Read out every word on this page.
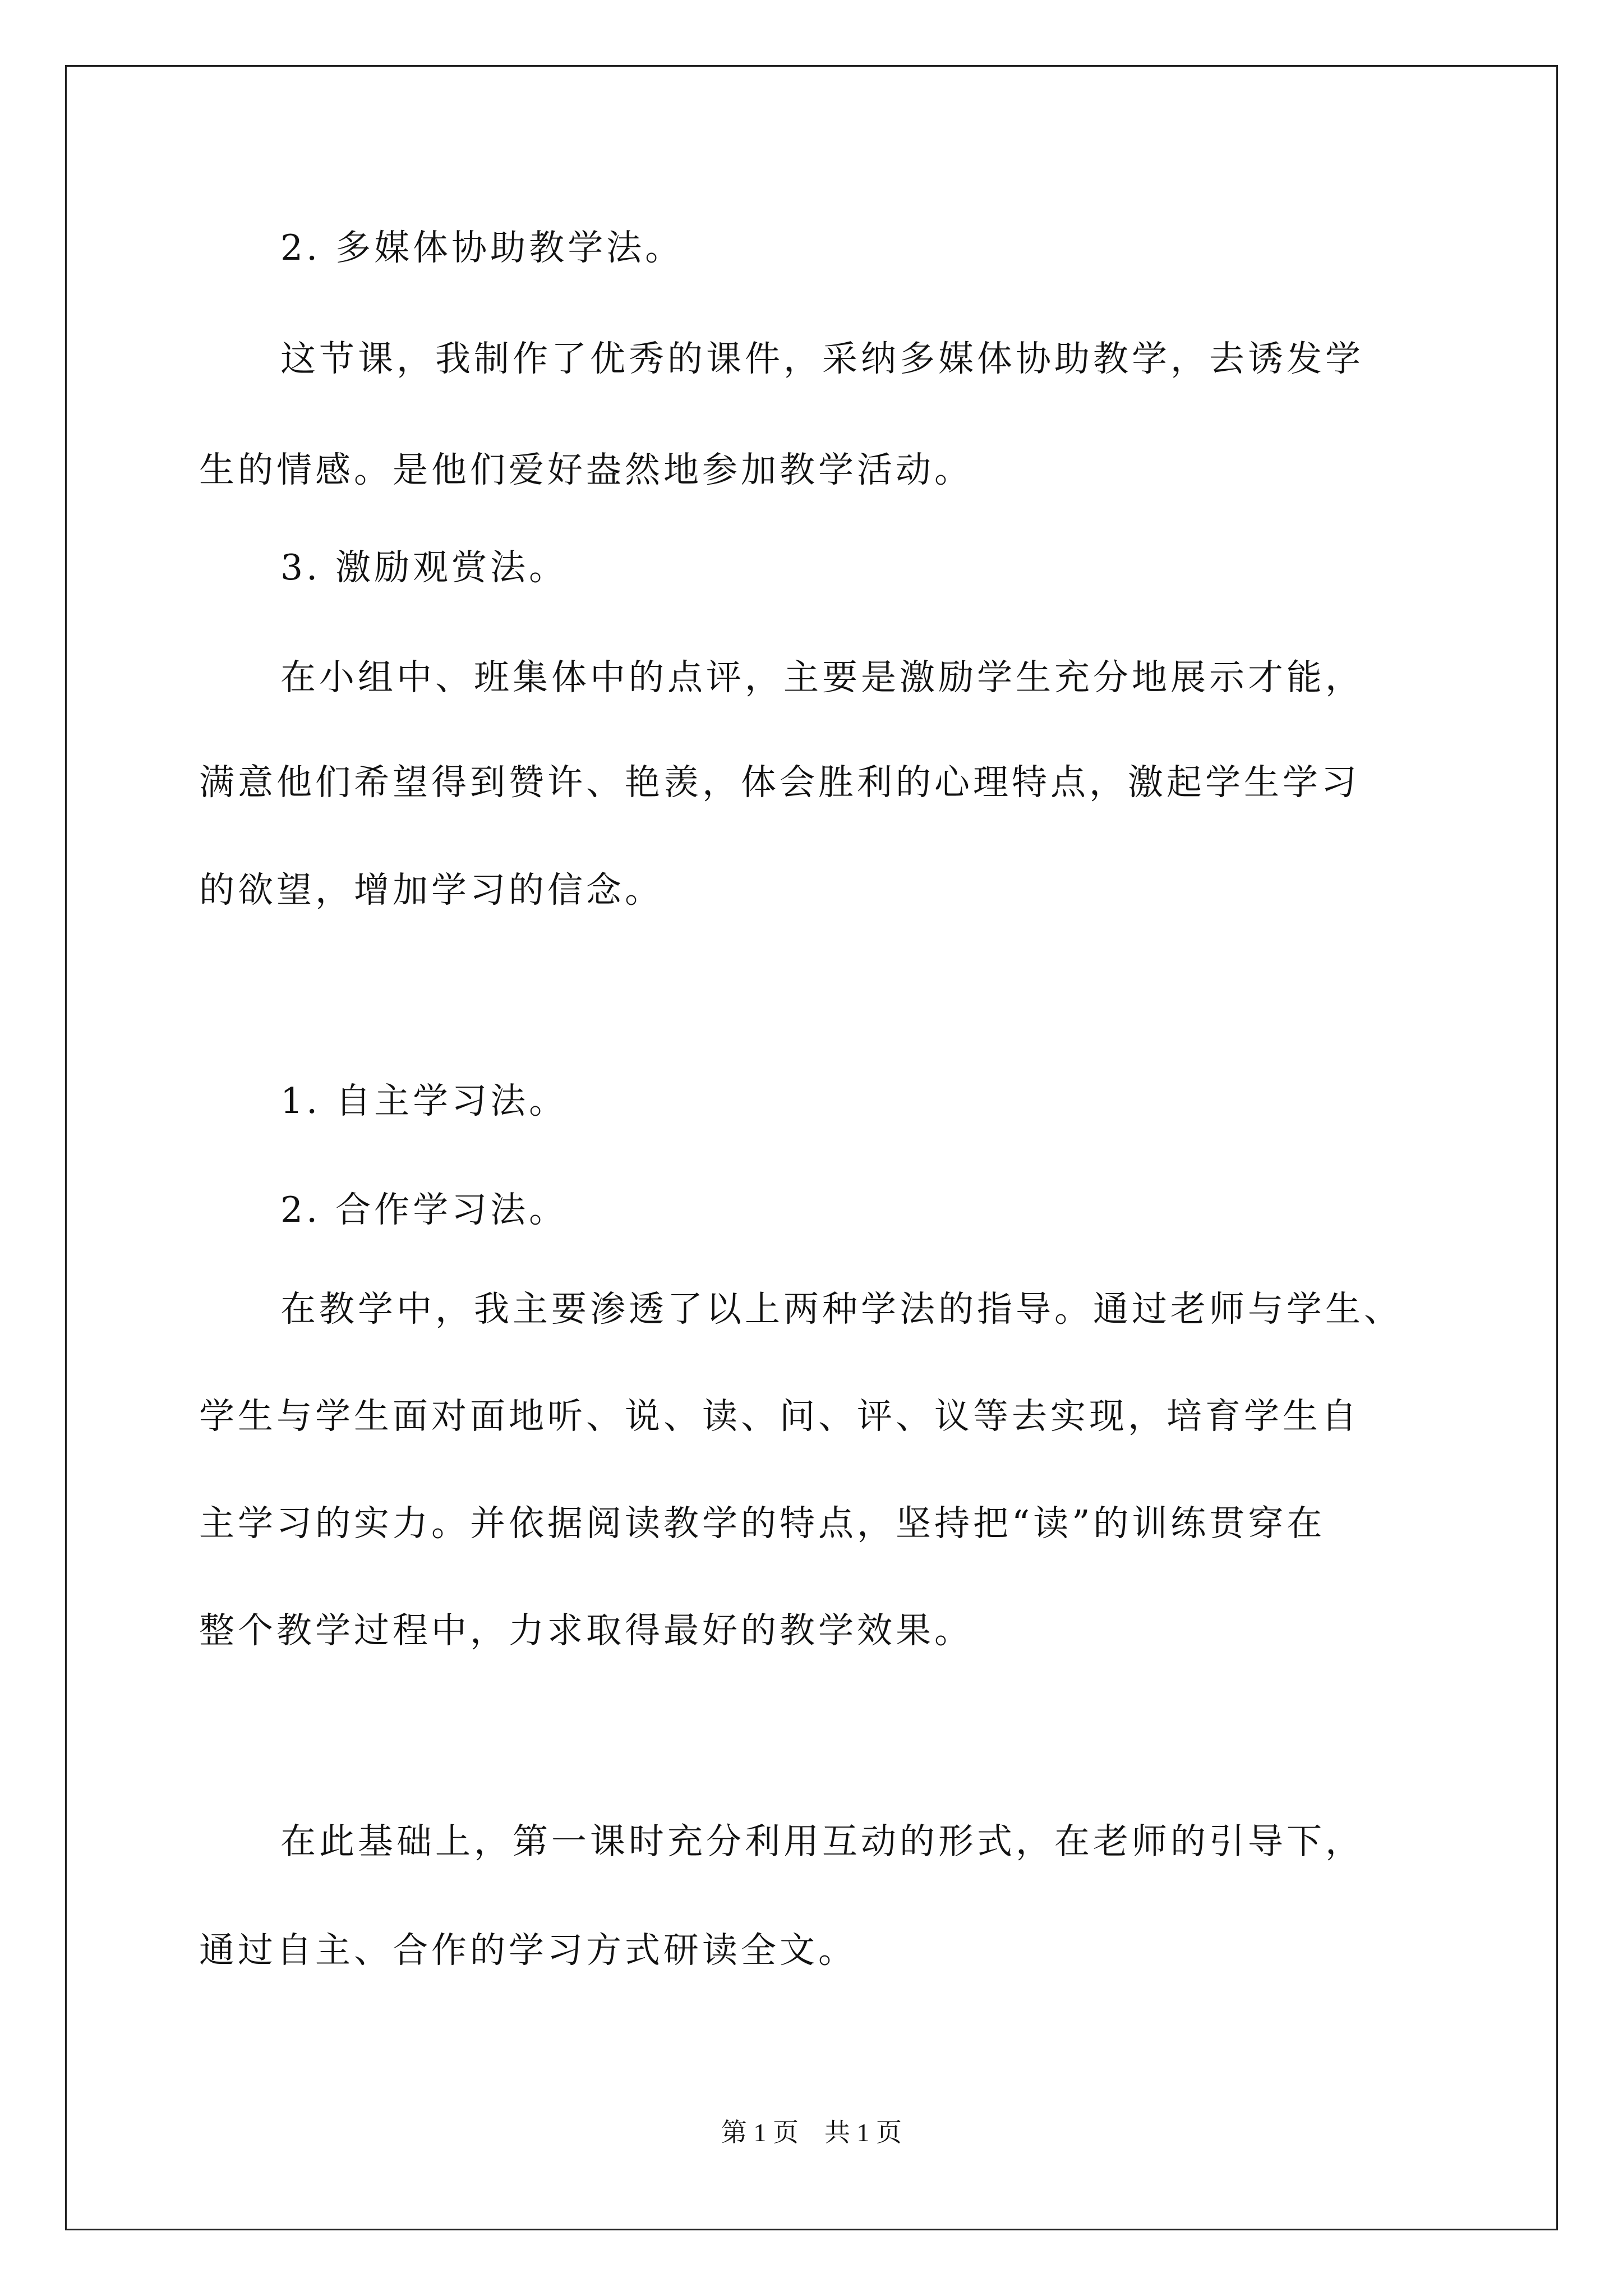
2. 多媒体协助教学法。
这节课，我制作了优秀的课件，采纳多媒体协助教学，去诱发学
生的情感。是他们爱好盎然地参加教学活动。
3. 激励观赏法。
在小组中、班集体中的点评，主要是激励学生充分地展示才能，
满意他们希望得到赞许、艳羡，体会胜利的心理特点，激起学生学习
的欲望，增加学习的信念。
1. 自主学习法。
2. 合作学习法。
在教学中，我主要渗透了以上两种学法的指导。通过老师与学生、
学生与学生面对面地听、说、读、问、评、议等去实现，培育学生自
主学习的实力。并依据阅读教学的特点，坚持把“读”的训练贯穿在
整个教学过程中，力求取得最好的教学效果。
在此基础上，第一课时充分利用互动的形式，在老师的引导下，
通过自主、合作的学习方式研读全文。
第 1 页　共 1 页
